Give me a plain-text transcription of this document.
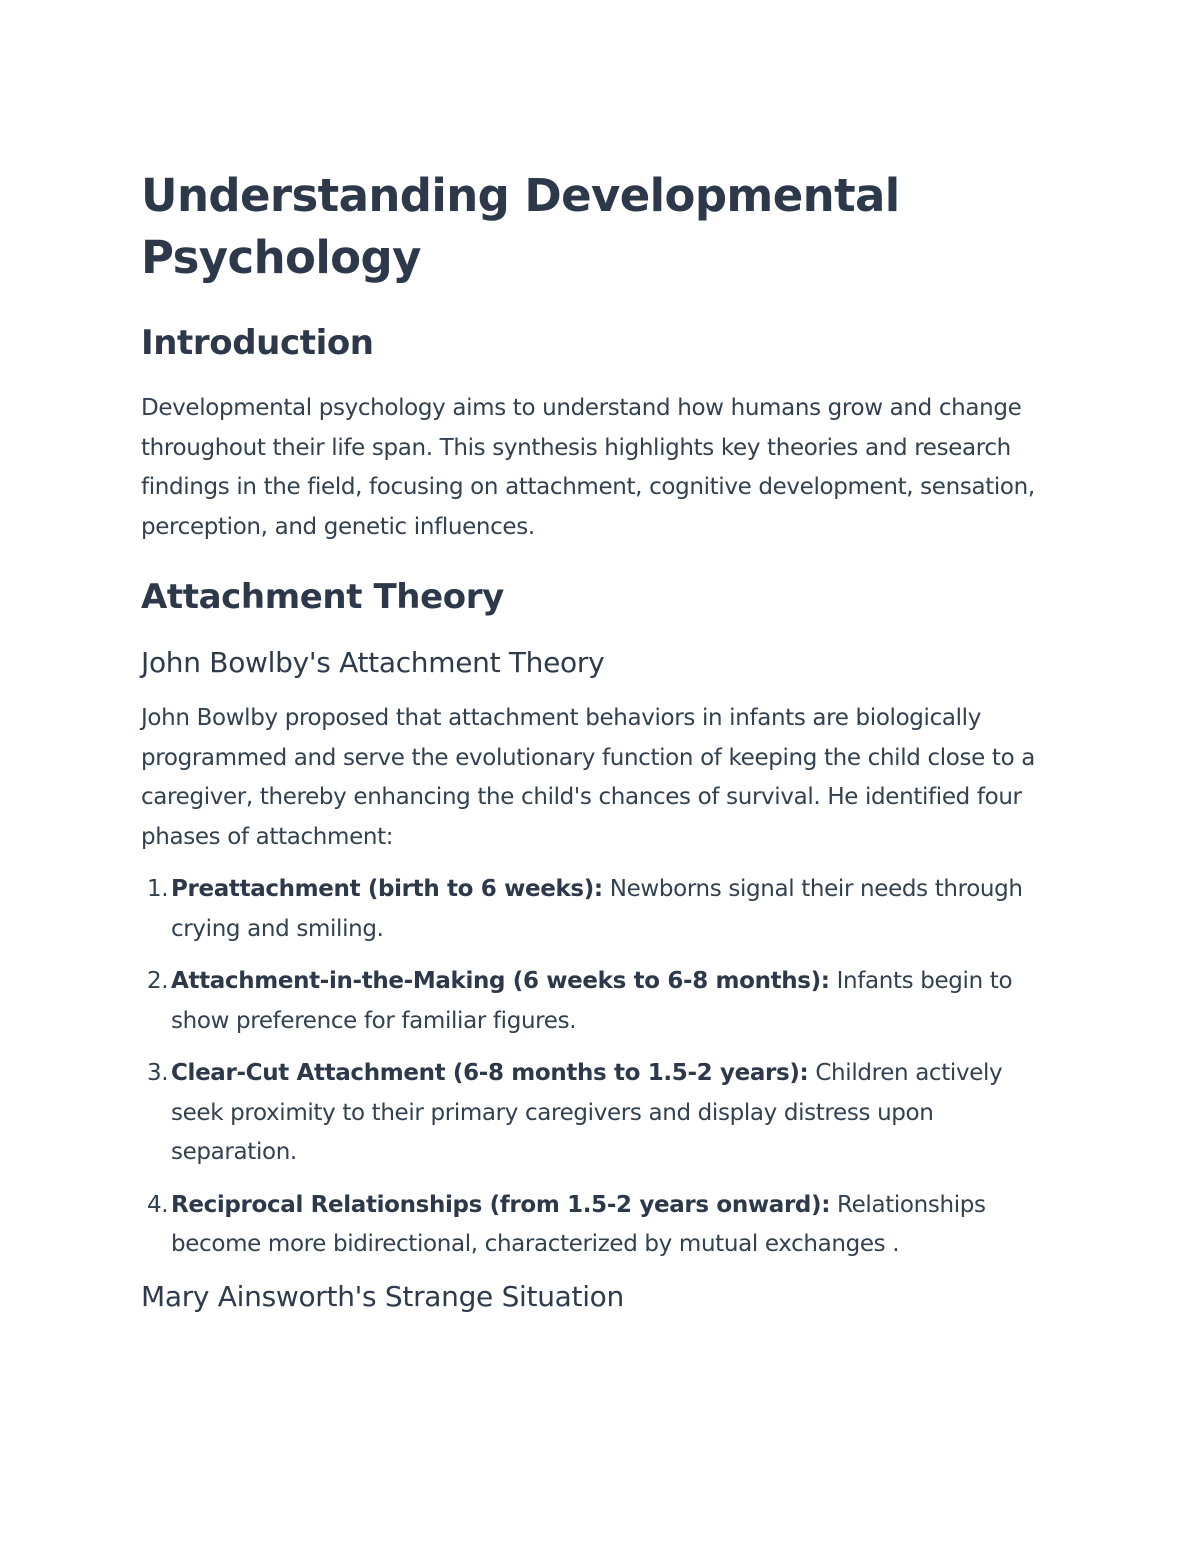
Understanding Developmental Psychology
Introduction

Developmental psychology aims to understand how humans grow and change throughout their life span. This synthesis highlights key theories and research findings in the field, focusing on attachment, cognitive development, sensation, perception, and genetic influences.

Attachment Theory
John Bowlby's Attachment Theory

John Bowlby proposed that attachment behaviors in infants are biologically programmed and serve the evolutionary function of keeping the child close to a caregiver, thereby enhancing the child's chances of survival. He identified four phases of attachment:

1. Preattachment (birth to 6 weeks): Newborns signal their needs through crying and smiling.
2. Attachment-in-the-Making (6 weeks to 6-8 months): Infants begin to show preference for familiar figures.
3. Clear-Cut Attachment (6-8 months to 1.5-2 years): Children actively seek proximity to their primary caregivers and display distress upon separation.
4. Reciprocal Relationships (from 1.5-2 years onward): Relationships become more bidirectional, characterized by mutual exchanges .
Mary Ainsworth's Strange Situation
